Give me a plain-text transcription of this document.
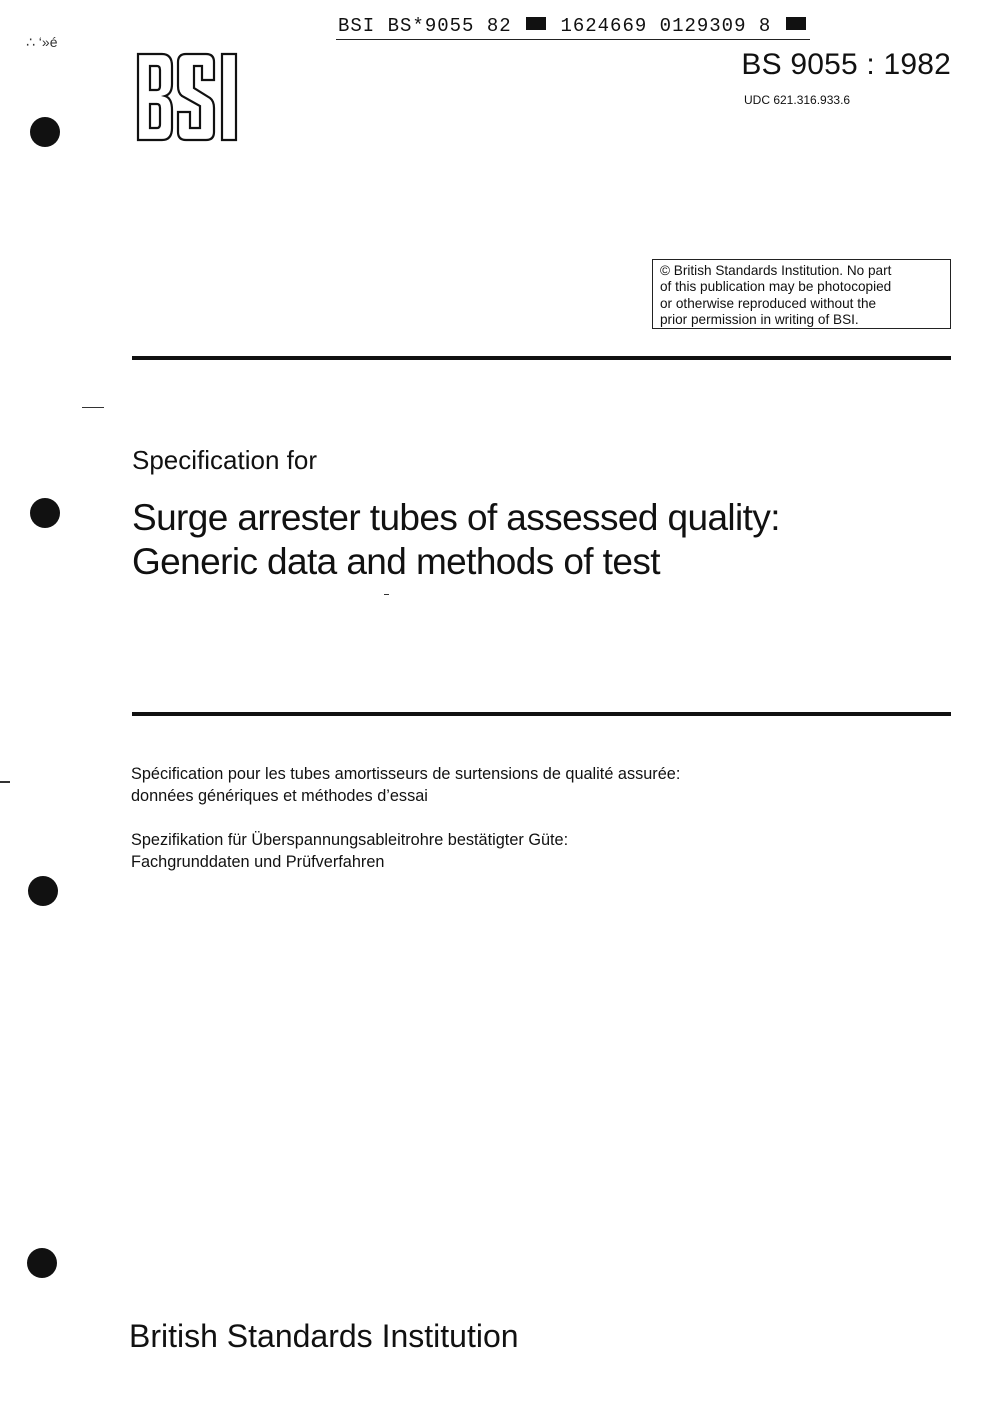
BSI BS*9055 82	1624669 0129309 8
∴ ‘»é
BS 9055 : 1982
UDC 621.316.933.6
© British Standards Institution. No part
of this publication may be photocopied
or otherwise reproduced without the
prior permission in writing of BSI.
Specification for
Surge arrester tubes of assessed quality:
Generic data and methods of test
Spécification pour les tubes amortisseurs de surtensions de qualité assurée:
données génériques et méthodes d’essai
Spezifikation für Überspannungsableitrohre bestätigter Güte:
Fachgrunddaten und Prüfverfahren
British Standards Institution
